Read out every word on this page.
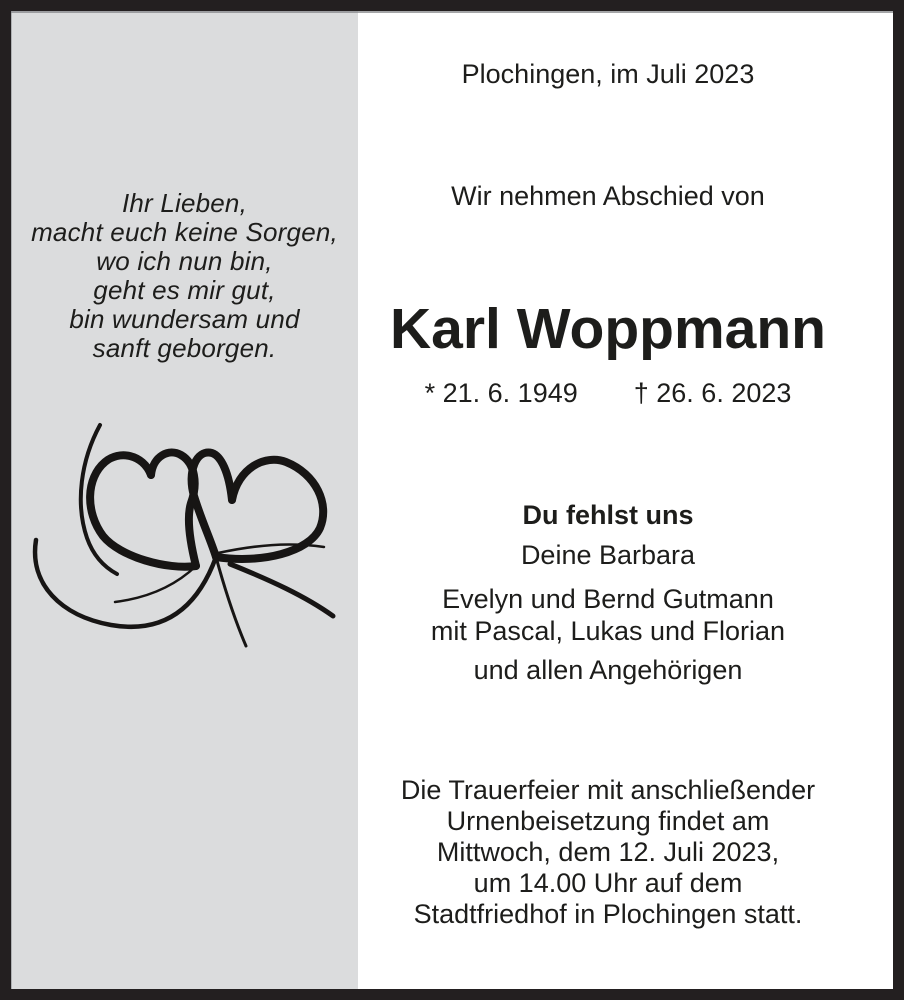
Ihr Lieben,
macht euch keine Sorgen,
wo ich nun bin,
geht es mir gut,
bin wundersam und
sanft geborgen.
Plochingen, im Juli 2023
Wir nehmen Abschied von
Karl Woppmann
* 21. 6. 1949 † 26. 6. 2023
Du fehlst uns
Deine Barbara
Evelyn und Bernd Gutmann
mit Pascal, Lukas und Florian
und allen Angehörigen
Die Trauerfeier mit anschließender
Urnenbeisetzung findet am
Mittwoch, dem 12. Juli 2023,
um 14.00 Uhr auf dem
Stadtfriedhof in Plochingen statt.
